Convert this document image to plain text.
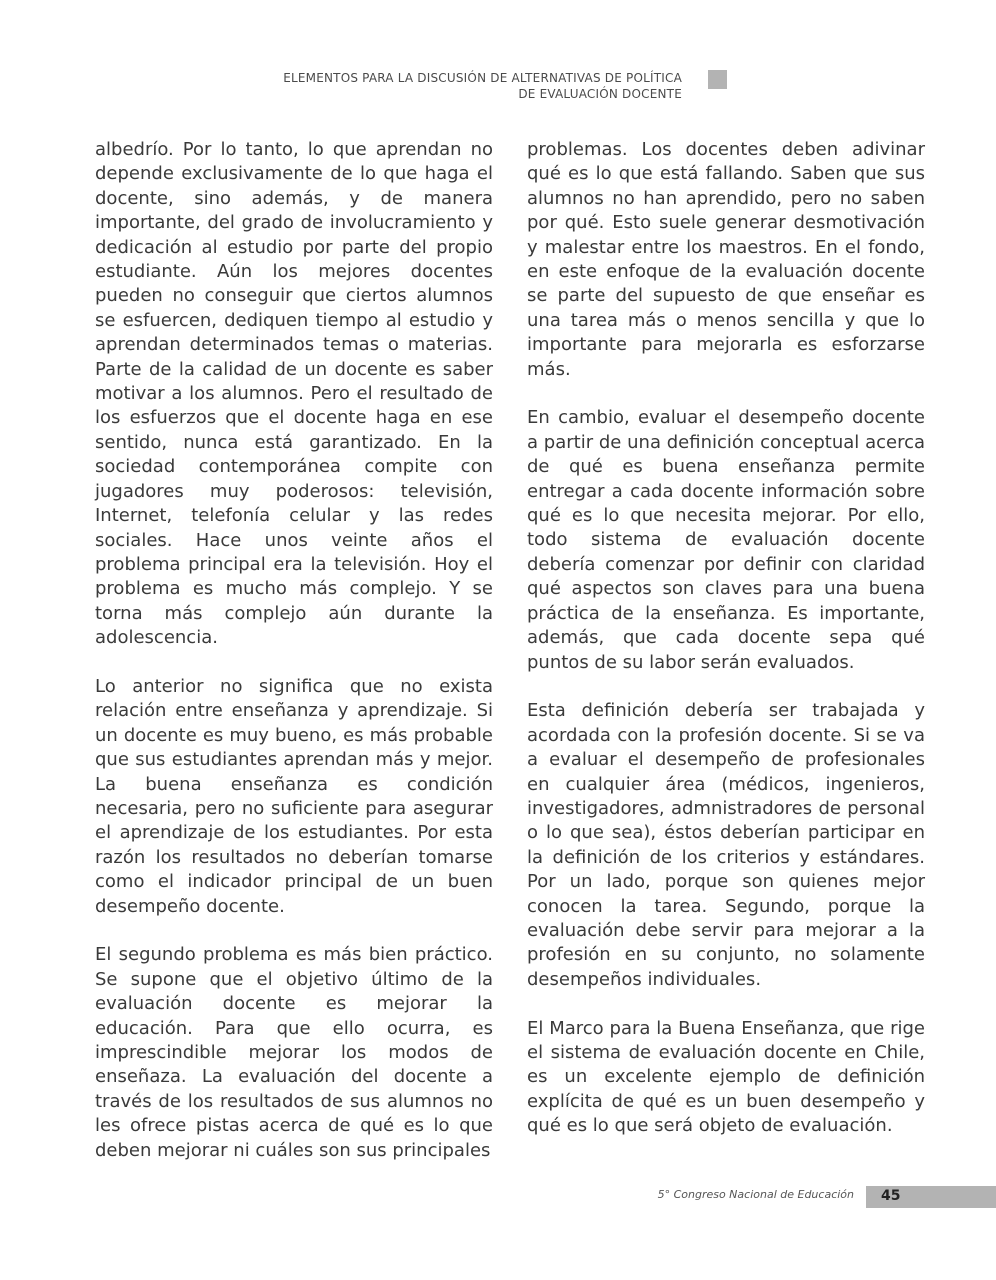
ELEMENTOS PARA LA DISCUSIÓN DE ALTERNATIVAS DE POLÍTICA
DE EVALUACIÓN DOCENTE

albedrío. Por lo tanto, lo que aprendan no depende exclusivamente de lo que haga el docente, sino además, y de manera importante, del grado de involucramiento y dedicación al estudio por parte del propio estudiante. Aún los mejores docentes pueden no conseguir que ciertos alumnos se esfuercen, dediquen tiempo al estudio y aprendan determinados temas o materias. Parte de la calidad de un docente es saber motivar a los alumnos. Pero el resultado de los esfuerzos que el docente haga en ese sentido, nunca está garantizado. En la sociedad contemporánea compite con jugadores muy poderosos: televisión, Internet, telefonía celular y las redes sociales. Hace unos veinte años el problema principal era la televisión. Hoy el problema es mucho más complejo. Y se torna más complejo aún durante la adolescencia.

Lo anterior no significa que no exista relación entre enseñanza y aprendizaje. Si un docente es muy bueno, es más probable que sus estudiantes aprendan más y mejor. La buena enseñanza es condición necesaria, pero no suficiente para asegurar el aprendizaje de los estudiantes. Por esta razón los resultados no deberían tomarse como el indicador principal de un buen desempeño docente.

El segundo problema es más bien práctico. Se supone que el objetivo último de la evaluación docente es mejorar la educación. Para que ello ocurra, es imprescindible mejorar los modos de enseñaza. La evaluación del docente a través de los resultados de sus alumnos no les ofrece pistas acerca de qué es lo que deben mejorar ni cuáles son sus principales

problemas. Los docentes deben adivinar qué es lo que está fallando. Saben que sus alumnos no han aprendido, pero no saben por qué. Esto suele generar desmotivación y malestar entre los maestros. En el fondo, en este enfoque de la evaluación docente se parte del supuesto de que enseñar es una tarea más o menos sencilla y que lo importante para mejorarla es esforzarse más.

En cambio, evaluar el desempeño docente a partir de una definición conceptual acerca de qué es buena enseñanza permite entregar a cada docente información sobre qué es lo que necesita mejorar. Por ello, todo sistema de evaluación docente debería comenzar por definir con claridad qué aspectos son claves para una buena práctica de la enseñanza. Es importante, además, que cada docente sepa qué puntos de su labor serán evaluados.

Esta definición debería ser trabajada y acordada con la profesión docente. Si se va a evaluar el desempeño de profesionales en cualquier área (médicos, ingenieros, investigadores, admnistradores de personal o lo que sea), éstos deberían participar en la definición de los criterios y estándares. Por un lado, porque son quienes mejor conocen la tarea. Segundo, porque la evaluación debe servir para mejorar a la profesión en su conjunto, no solamente desempeños individuales.

El Marco para la Buena Enseñanza, que rige el sistema de evaluación docente en Chile, es un excelente ejemplo de definición explícita de qué es un buen desempeño y qué es lo que será objeto de evaluación.

5° Congreso Nacional de Educación 45
